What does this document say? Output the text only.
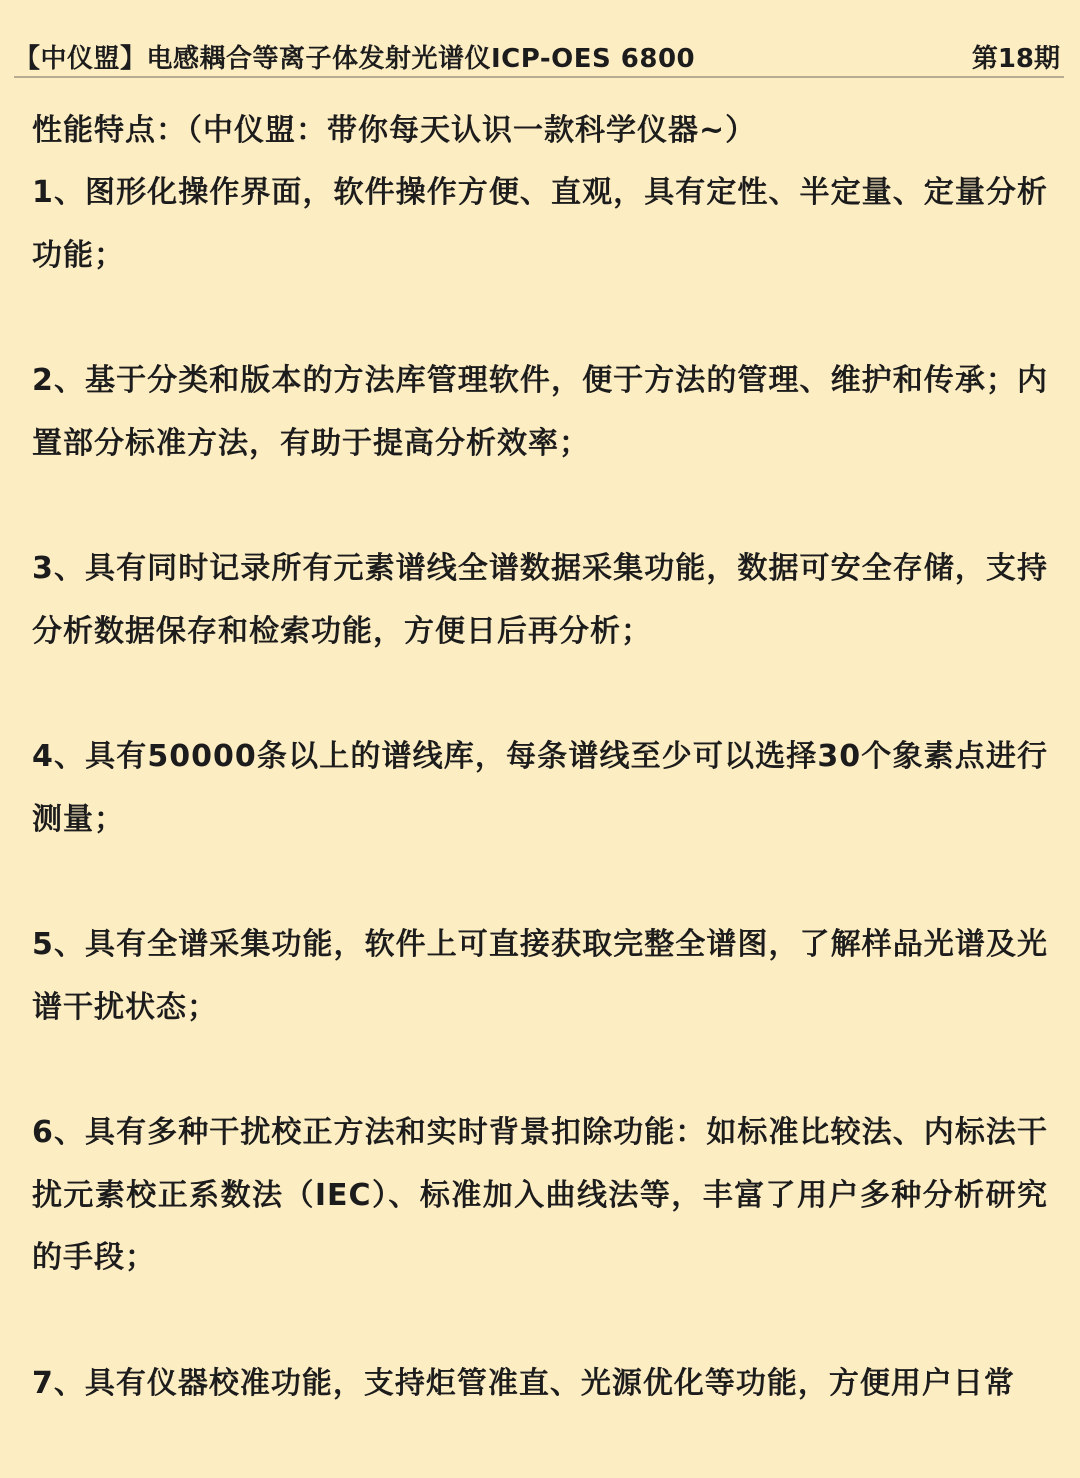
【中仪盟】电感耦合等离子体发射光谱仪ICP-OES 6800	第18期

性能特点：（中仪盟：带你每天认识一款科学仪器~）

1、图形化操作界面，软件操作方便、直观，具有定性、半定量、定量分析功能；

2、基于分类和版本的方法库管理软件，便于方法的管理、维护和传承；内置部分标准方法，有助于提高分析效率；

3、具有同时记录所有元素谱线全谱数据采集功能，数据可安全存储，支持分析数据保存和检索功能，方便日后再分析；

4、具有50000条以上的谱线库，每条谱线至少可以选择30个象素点进行测量；

5、具有全谱采集功能，软件上可直接获取完整全谱图，了解样品光谱及光谱干扰状态；

6、具有多种干扰校正方法和实时背景扣除功能：如标准比较法、内标法干扰元素校正系数法（IEC）、标准加入曲线法等，丰富了用户多种分析研究的手段；

7、具有仪器校准功能，支持炬管准直、光源优化等功能，方便用户日常
